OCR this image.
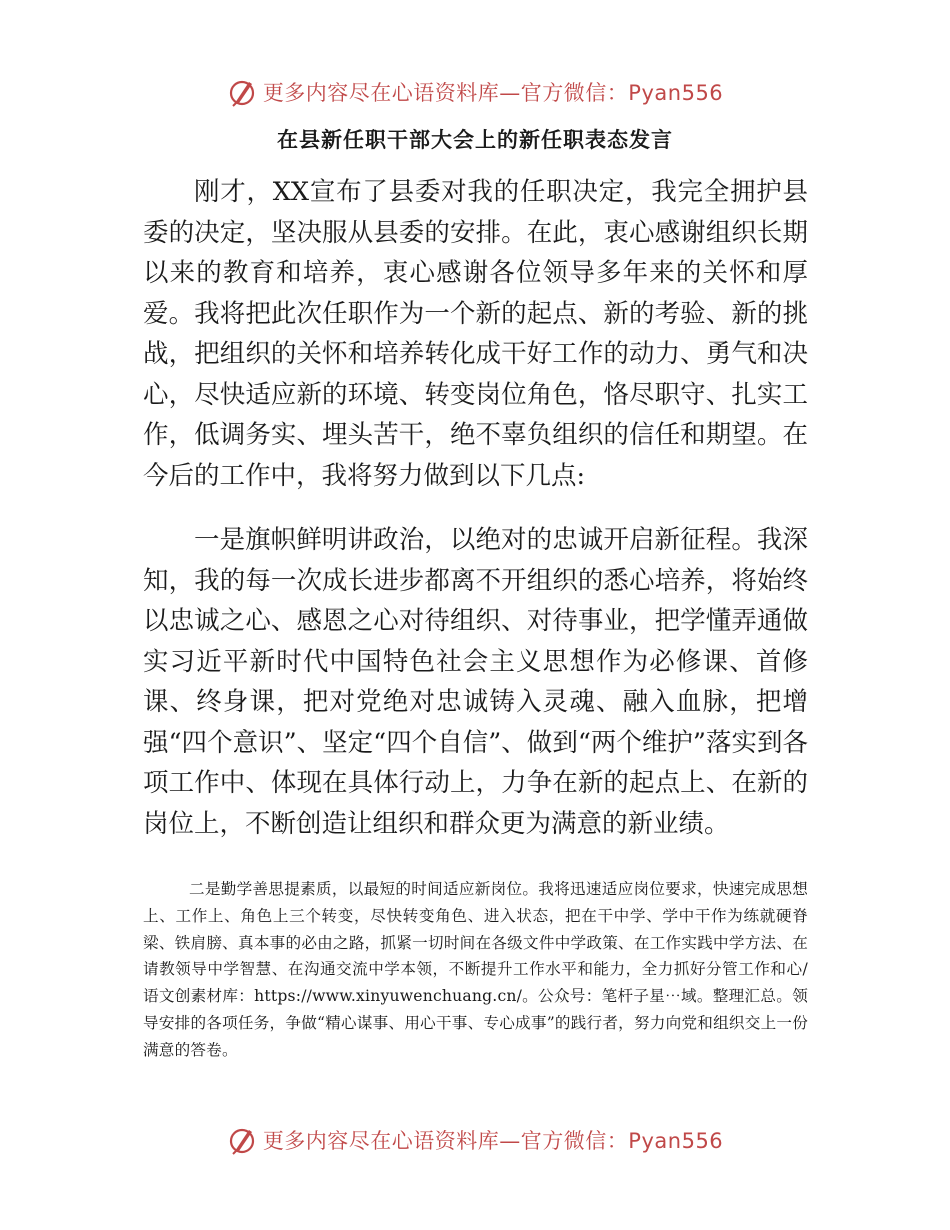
更多内容尽在心语资料库—官方微信：Pyan556
在县新任职干部大会上的新任职表态发言

刚才，XX宣布了县委对我的任职决定，我完全拥护县委的决定，坚决服从县委的安排。在此，衷心感谢组织长期以来的教育和培养，衷心感谢各位领导多年来的关怀和厚爱。我将把此次任职作为一个新的起点、新的考验、新的挑战，把组织的关怀和培养转化成干好工作的动力、勇气和决心，尽快适应新的环境、转变岗位角色，恪尽职守、扎实工作，低调务实、埋头苦干，绝不辜负组织的信任和期望。在今后的工作中，我将努力做到以下几点:

一是旗帜鲜明讲政治，以绝对的忠诚开启新征程。我深知，我的每一次成长进步都离不开组织的悉心培养，将始终以忠诚之心、感恩之心对待组织、对待事业，把学懂弄通做实习近平新时代中国特色社会主义思想作为必修课、首修课、终身课，把对党绝对忠诚铸入灵魂、融入血脉，把增强“四个意识”、坚定“四个自信”、做到“两个维护”落实到各项工作中、体现在具体行动上，力争在新的起点上、在新的岗位上，不断创造让组织和群众更为满意的新业绩。

二是勤学善思提素质，以最短的时间适应新岗位。我将迅速适应岗位要求，快速完成思想上、工作上、角色上三个转变，尽快转变角色、进入状态，把在干中学、学中干作为练就硬脊梁、铁肩膀、真本事的必由之路，抓紧一切时间在各级文件中学政策、在工作实践中学方法、在请教领导中学智慧、在沟通交流中学本领，不断提升工作水平和能力，全力抓好分管工作和心/语文创素材库：https://www.xinyuwenchuang.cn/。公众号：笔杆子星⋯域。整理汇总。领导安排的各项任务，争做“精心谋事、用心干事、专心成事”的践行者，努力向党和组织交上一份满意的答卷。

更多内容尽在心语资料库—官方微信：Pyan556
